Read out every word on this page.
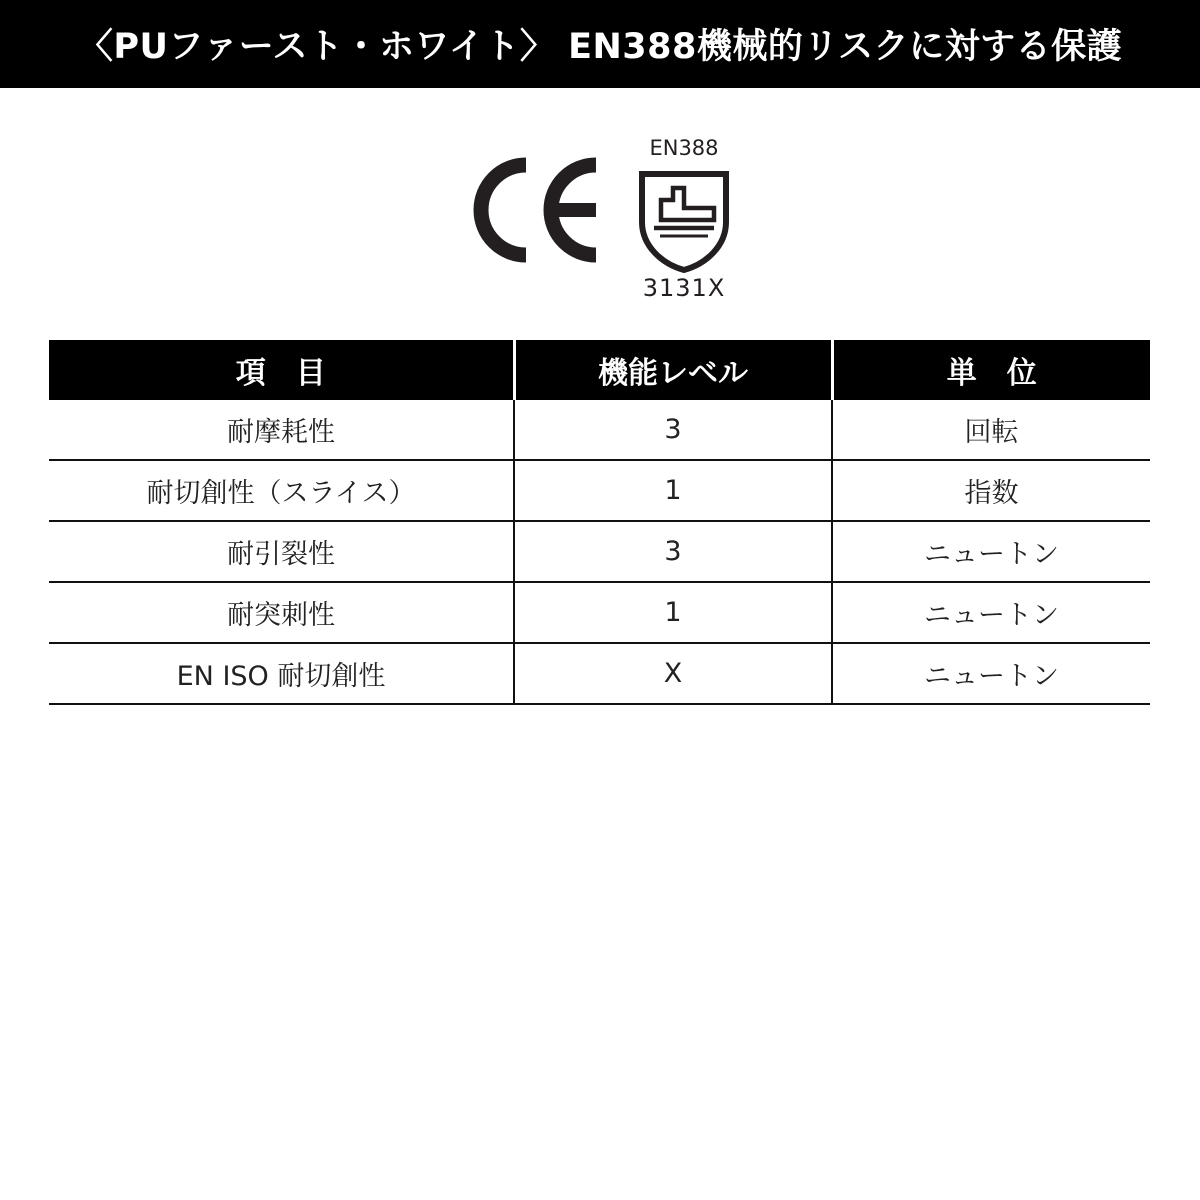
〈PUファースト・ホワイト〉 EN388機械的リスクに対する保護
EN388
3131X
項　目	機能レベル	単　位
耐摩耗性	3	回転
耐切創性（スライス）	1	指数
耐引裂性	3	ニュートン
耐突刺性	1	ニュートン
EN ISO 耐切創性	X	ニュートン
